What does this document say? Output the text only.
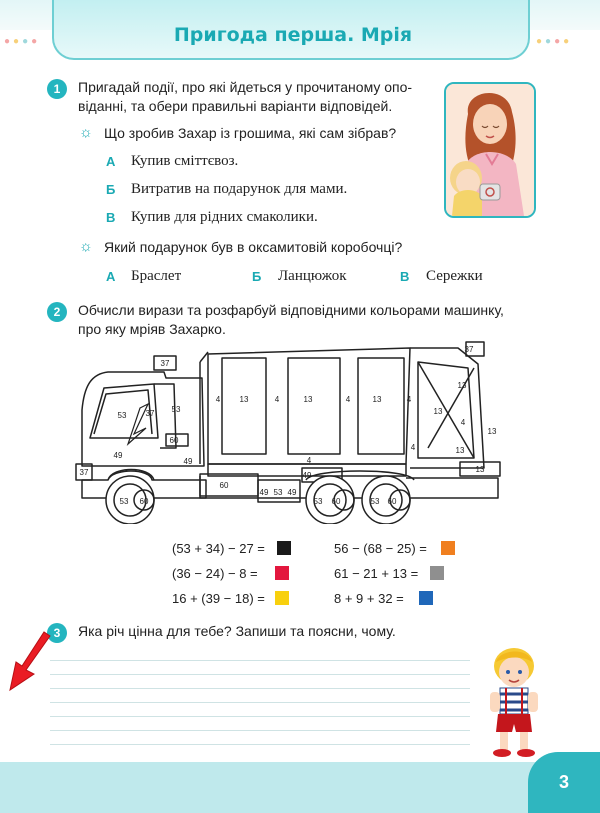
●●●●	●●●●
Пригода перша. Мрія
1	Пригадай події, про які йдеться у прочитаному опо-
віданні, та обери правильні варіанти відповідей.
☼ Що зробив Захар із грошима, які сам зібрав?
А Купив сміттєвоз.
Б Витратив на подарунок для мами.
В Купив для рідних смаколики.
☼ Який подарунок був в оксамитовій коробочці?
А Браслет	Б Ланцюжок	В Сережки
2	Обчисли вирази та розфарбуй відповідними кольорами машинку,
про яку мріяв Захарко.
37
53 37 53
60
49
49
37
53 60
60
49 53 49
4 13	4	13	4	13	4
4
49
53 60	53 60
37
13
13
4
13
13
13
4
(53 + 34) − 27 =	56 − (68 − 25) =
(36 − 24) − 8 =	61 − 21 + 13 =
16 + (39 − 18) =	8 + 9 + 32 =
3	Яка річ цінна для тебе? Запиши та поясни, чому.
3
